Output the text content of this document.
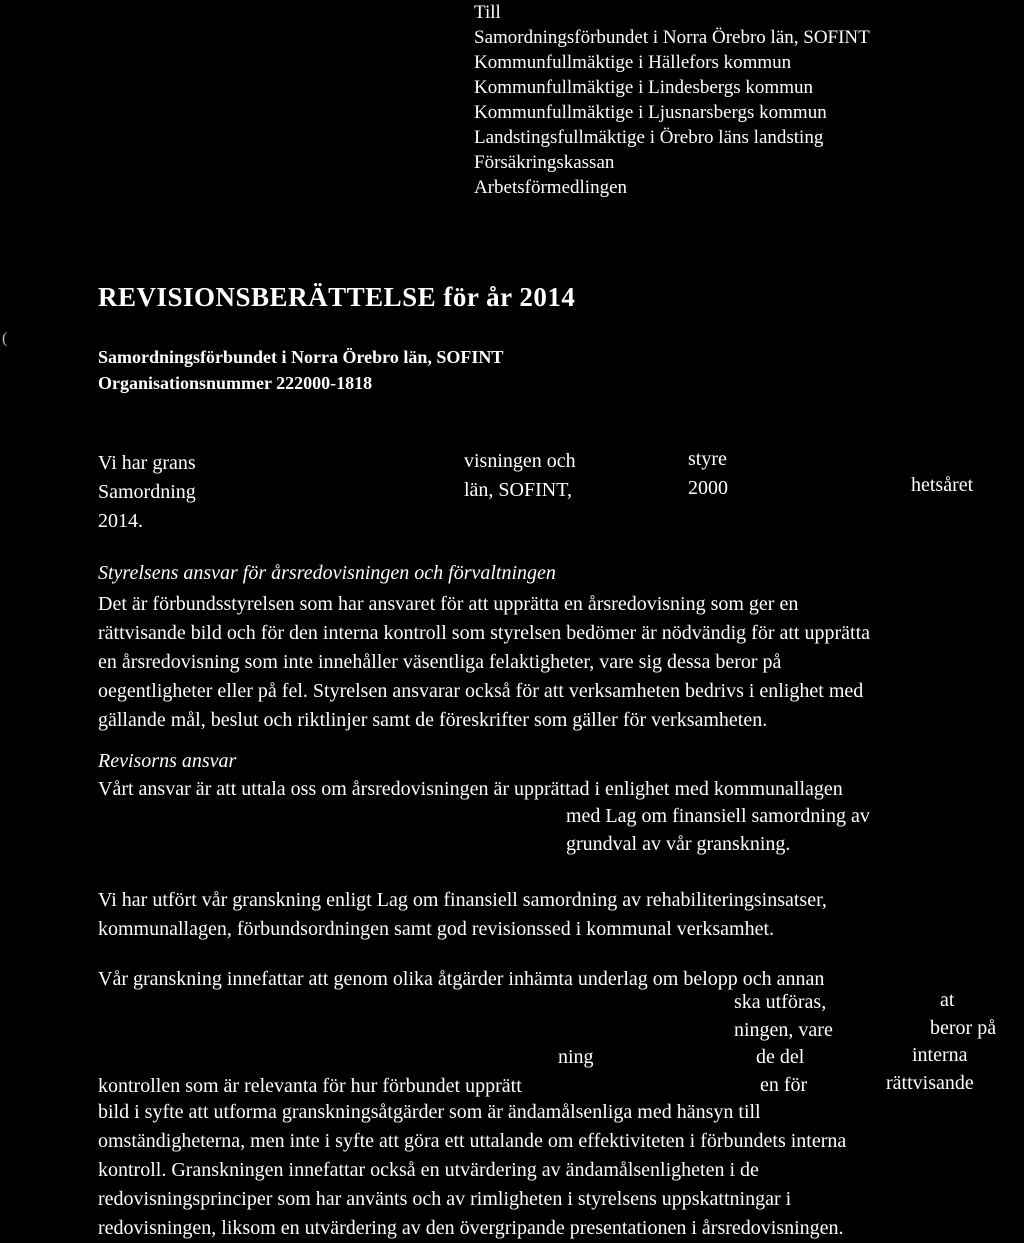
(
Till
Samordningsförbundet i Norra Örebro län, SOFINT
Kommunfullmäktige i Hällefors kommun
Kommunfullmäktige i Lindesbergs kommun
Kommunfullmäktige i Ljusnarsbergs kommun
Landstingsfullmäktige i Örebro läns landsting
Försäkringskassan
Arbetsförmedlingen
REVISIONSBERÄTTELSE för år 2014
Samordningsförbundet i Norra Örebro län, SOFINT
Organisationsnummer 222000-1818
Vi har grans	visningen och	styre
Samordning	län, SOFINT,	2000	hetsåret
2014.
Styrelsens ansvar för årsredovisningen och förvaltningen
Det är förbundsstyrelsen som har ansvaret för att upprätta en årsredovisning som ger en
rättvisande bild och för den interna kontroll som styrelsen bedömer är nödvändig för att upprätta
en årsredovisning som inte innehåller väsentliga felaktigheter, vare sig dessa beror på
oegentligheter eller på fel. Styrelsen ansvarar också för att verksamheten bedrivs i enlighet med
gällande mål, beslut och riktlinjer samt de föreskrifter som gäller för verksamheten.
Revisorns ansvar
Vårt ansvar är att uttala oss om årsredovisningen är upprättad i enlighet med kommunallagen
med Lag om finansiell samordning av
grundval av vår granskning.
Vi har utfört vår granskning enligt Lag om finansiell samordning av rehabiliteringsinsatser,
kommunallagen, förbundsordningen samt god revisionssed i kommunal verksamhet.
Vår granskning innefattar att genom olika åtgärder inhämta underlag om belopp och annan
ska utföras,	at
ningen, vare	beror på
ning	de del	interna
kontrollen som är relevanta för hur förbundet upprätt	en för	rättvisande
bild i syfte att utforma granskningsåtgärder som är ändamålsenliga med hänsyn till
omständigheterna, men inte i syfte att göra ett uttalande om effektiviteten i förbundets interna
kontroll. Granskningen innefattar också en utvärdering av ändamålsenligheten i de
redovisningsprinciper som har använts och av rimligheten i styrelsens uppskattningar i
redovisningen, liksom en utvärdering av den övergripande presentationen i årsredovisningen.
